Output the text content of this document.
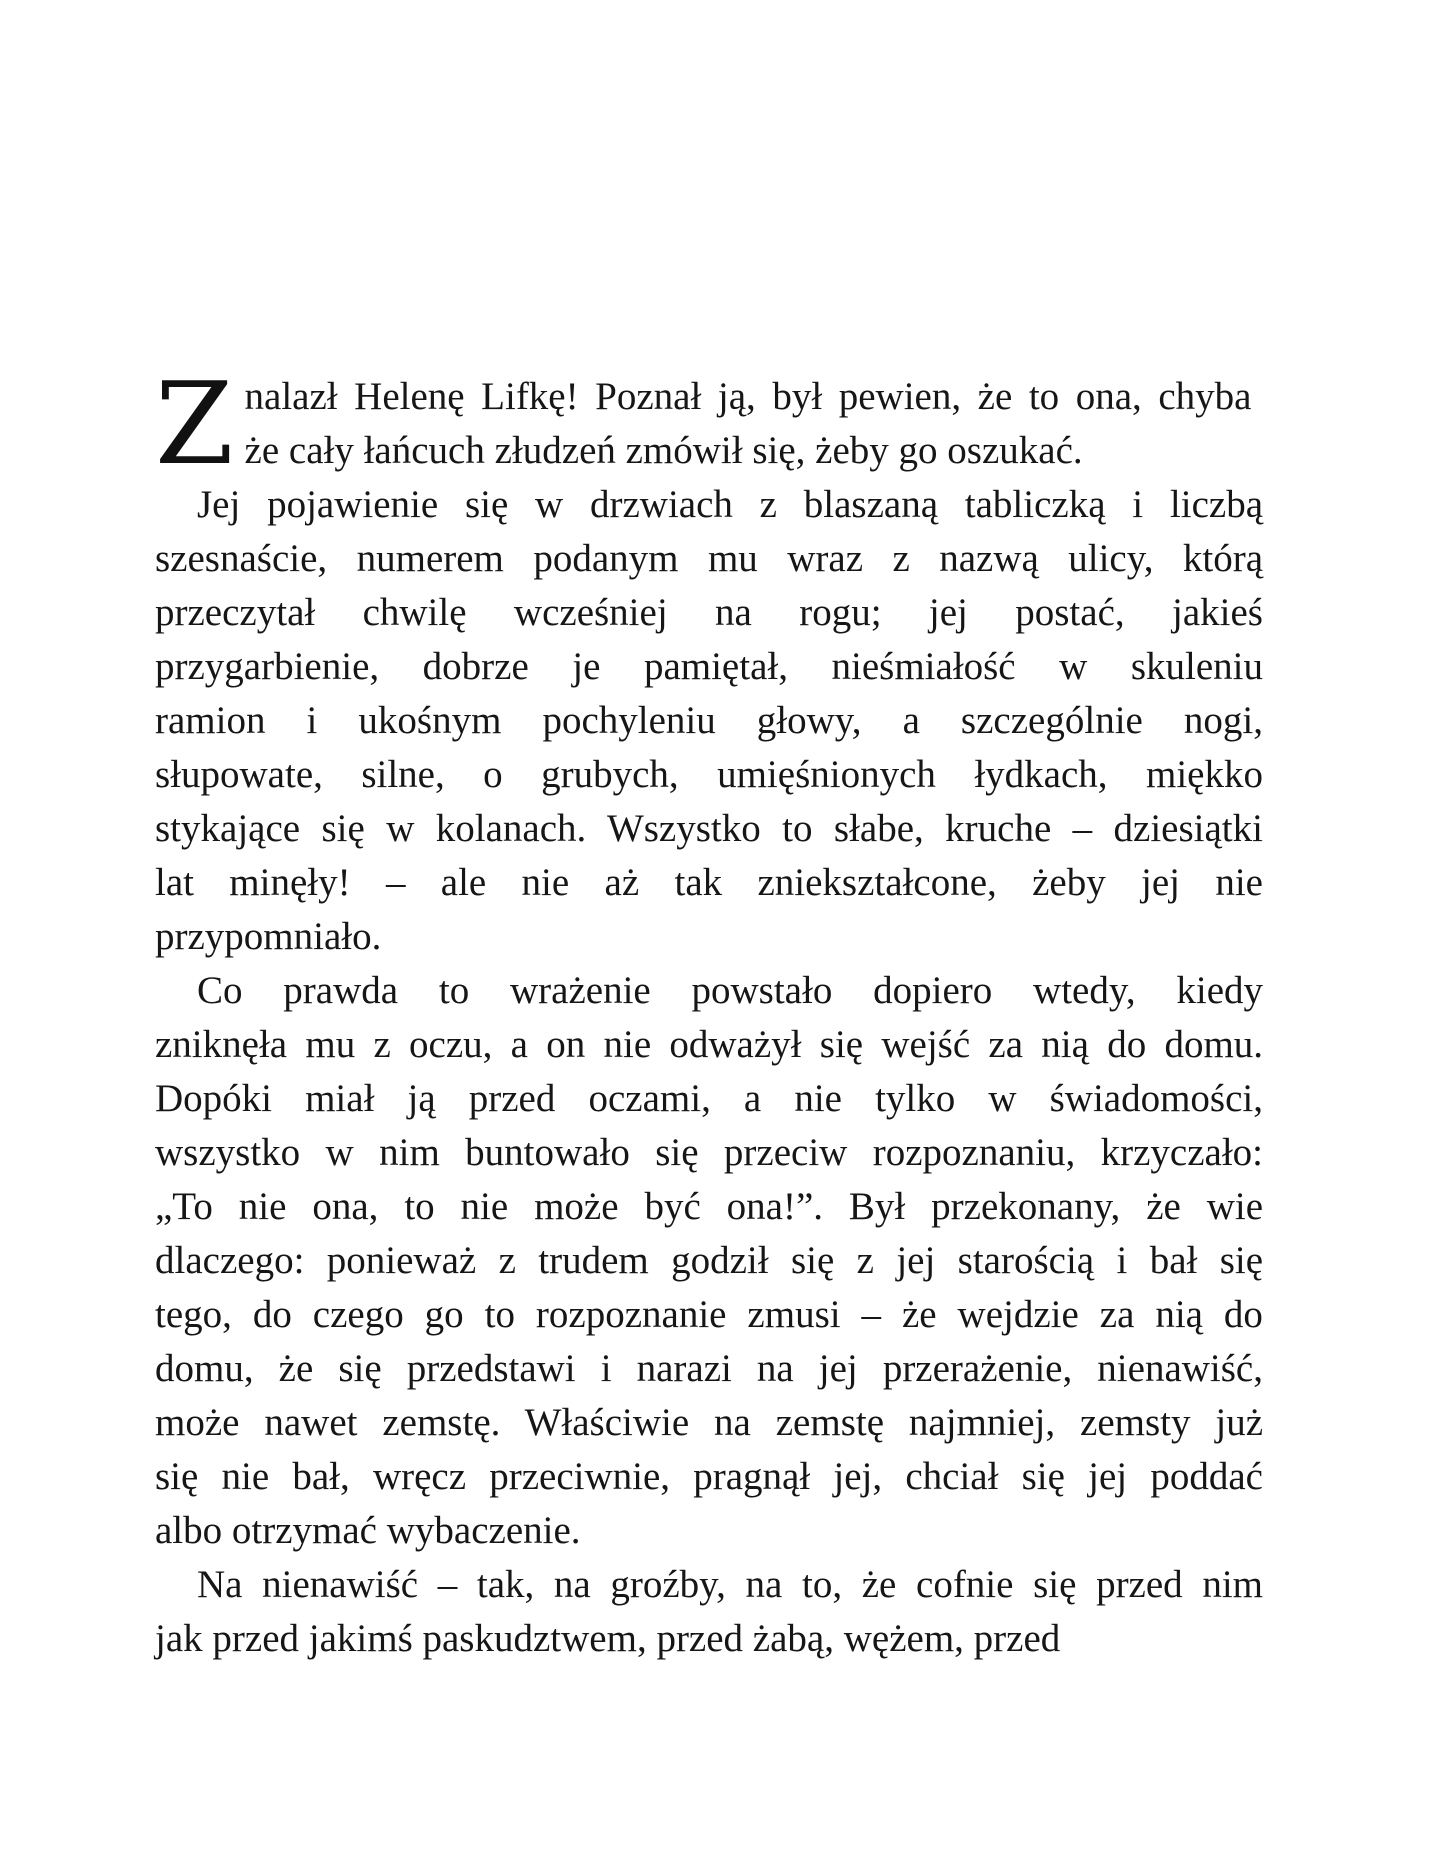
Z nalazł Helenę Lifkę! Poznał ją, był pewien, że to ona, chyba
że cały łańcuch złudzeń zmówił się, żeby go oszukać.
Jej pojawienie się w drzwiach z blaszaną tabliczką i liczbą
szesnaście, numerem podanym mu wraz z nazwą ulicy, którą
przeczytał chwilę wcześniej na rogu; jej postać, jakieś
przygarbienie, dobrze je pamiętał, nieśmiałość w skuleniu
ramion i ukośnym pochyleniu głowy, a szczególnie nogi,
słupowate, silne, o grubych, umięśnionych łydkach, miękko
stykające się w kolanach. Wszystko to słabe, kruche – dziesiątki
lat minęły! – ale nie aż tak zniekształcone, żeby jej nie
przypomniało.
Co prawda to wrażenie powstało dopiero wtedy, kiedy
zniknęła mu z oczu, a on nie odważył się wejść za nią do domu.
Dopóki miał ją przed oczami, a nie tylko w świadomości,
wszystko w nim buntowało się przeciw rozpoznaniu, krzyczało:
„To nie ona, to nie może być ona!”. Był przekonany, że wie
dlaczego: ponieważ z trudem godził się z jej starością i bał się
tego, do czego go to rozpoznanie zmusi – że wejdzie za nią do
domu, że się przedstawi i narazi na jej przerażenie, nienawiść,
może nawet zemstę. Właściwie na zemstę najmniej, zemsty już
się nie bał, wręcz przeciwnie, pragnął jej, chciał się jej poddać
albo otrzymać wybaczenie.
Na nienawiść – tak, na groźby, na to, że cofnie się przed nim
jak przed jakimś paskudztwem, przed żabą, wężem, przed
